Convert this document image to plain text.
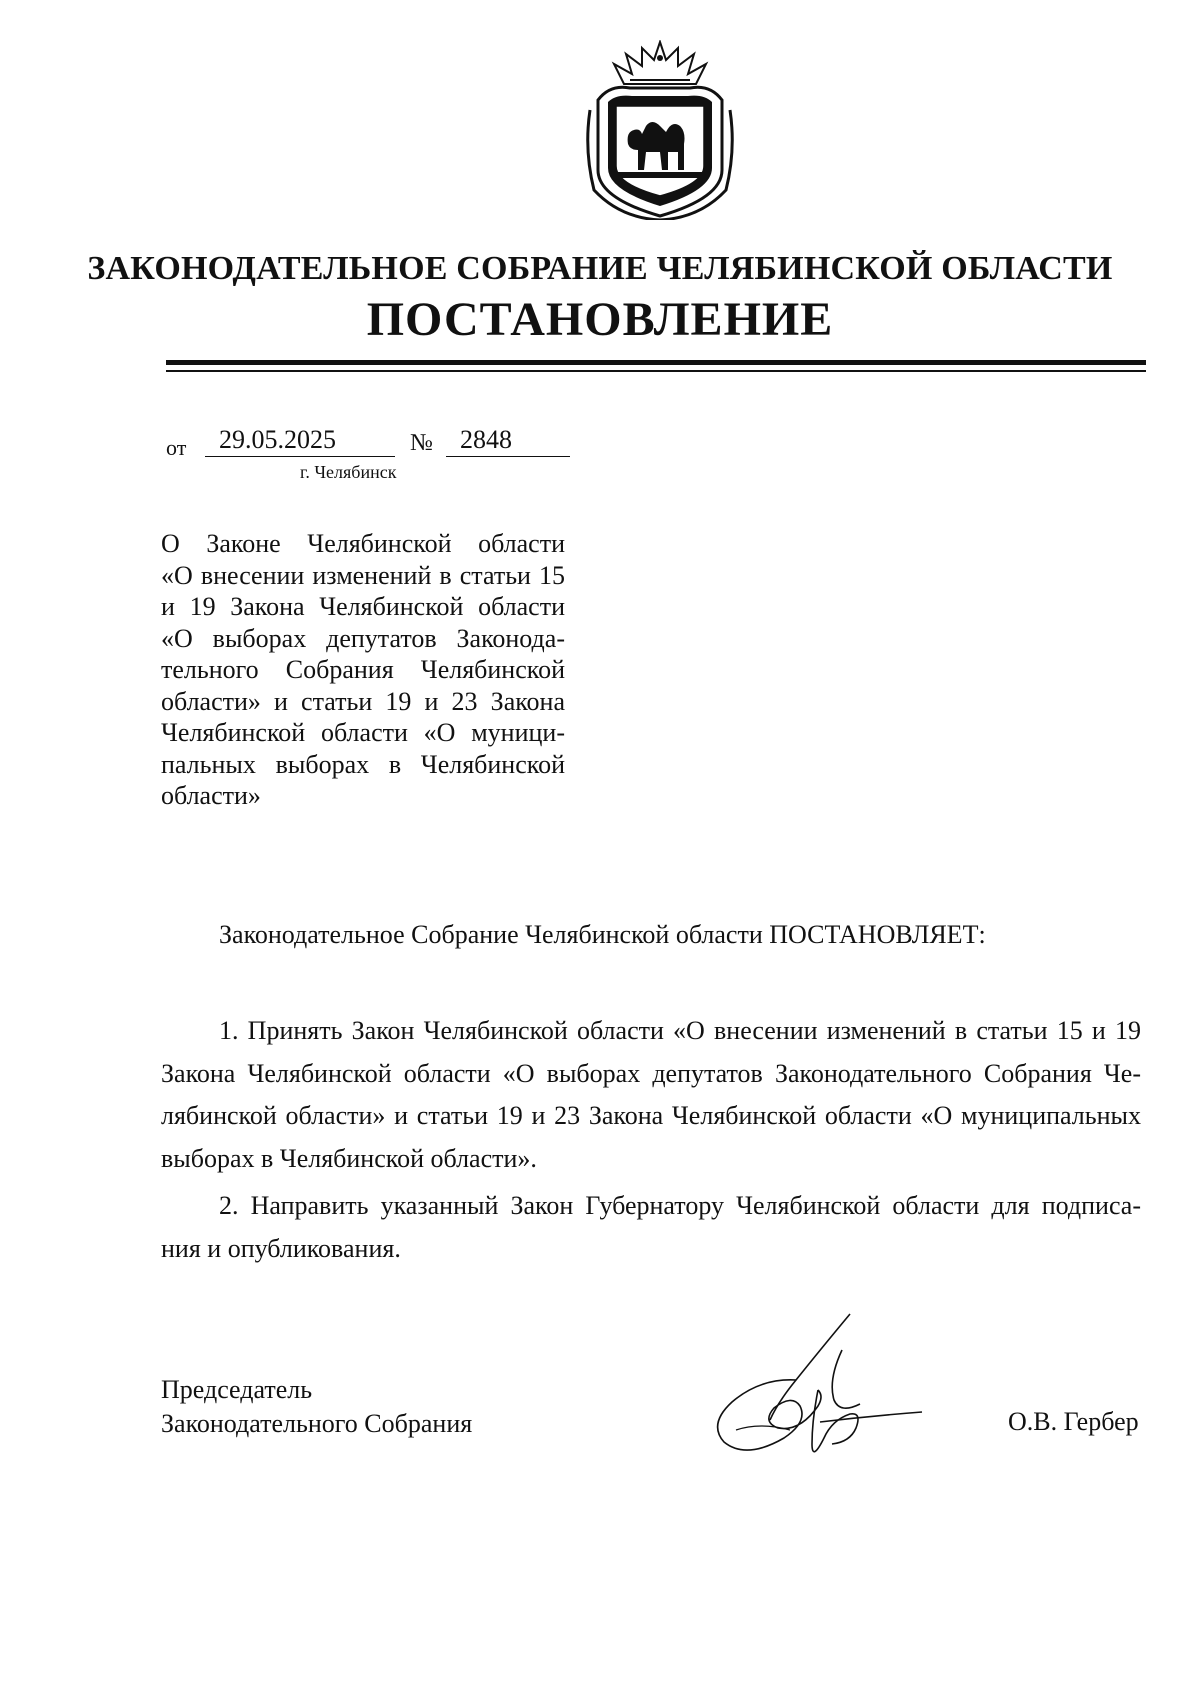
ЗАКОНОДАТЕЛЬНОЕ СОБРАНИЕ ЧЕЛЯБИНСКОЙ ОБЛАСТИ
ПОСТАНОВЛЕНИЕ
от	29.05.2025	№	2848
г. Челябинск
О Законе Челябинской области
«О внесении изменений в статьи 15
и 19 Закона Челябинской области
«О выборах депутатов Законода-
тельного Собрания Челябинской
области» и статьи 19 и 23 Закона
Челябинской области «О муници-
пальных выборах в Челябинской
области»
Законодательное Собрание Челябинской области ПОСТАНОВЛЯЕТ:
1. Принять Закон Челябинской области «О внесении изменений в статьи 15 и 19
Закона Челябинской области «О выборах депутатов Законодательного Собрания Че-
лябинской области» и статьи 19 и 23 Закона Челябинской области «О муниципальных
выборах в Челябинской области».
2. Направить указанный Закон Губернатору Челябинской области для подписа-
ния и опубликования.
Председатель
Законодательного Собрания	О.В. Гербер
